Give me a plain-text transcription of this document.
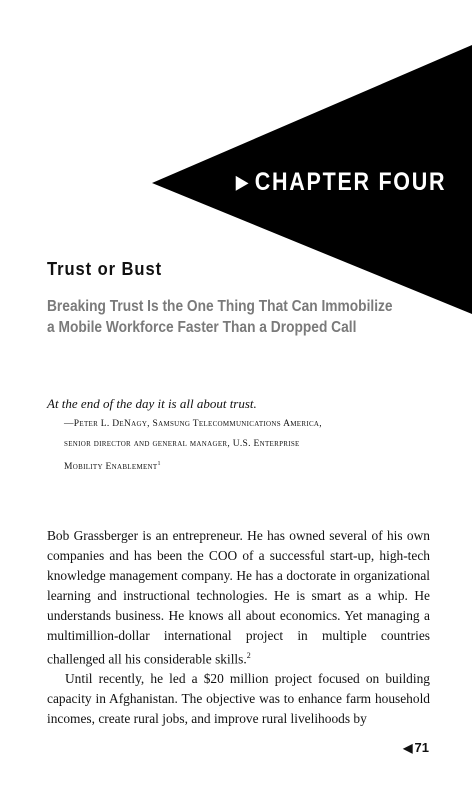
▶ CHAPTER FOUR
Trust or Bust
Breaking Trust Is the One Thing That Can Immobilize
a Mobile Workforce Faster Than a Dropped Call
At the end of the day it is all about trust.
—Peter L. DeNagy, Samsung Telecommunications America,
senior director and general manager, U.S. Enterprise
Mobility Enablement$^1$

Bob Grassberger is an entrepreneur. He has owned several of his own companies and has been the COO of a successful start-up, high-tech knowledge management company. He has a doctorate in organizational learning and instructional technologies. He is smart as a whip. He understands business. He knows all about economics. Yet managing a multimillion-dollar international project in multiple countries challenged all his considerable skills.$^2$

Until recently, he led a $20 million project focused on building capacity in Afghanistan. The objective was to enhance farm household incomes, create rural jobs, and improve rural livelihoods by

◀ 71
